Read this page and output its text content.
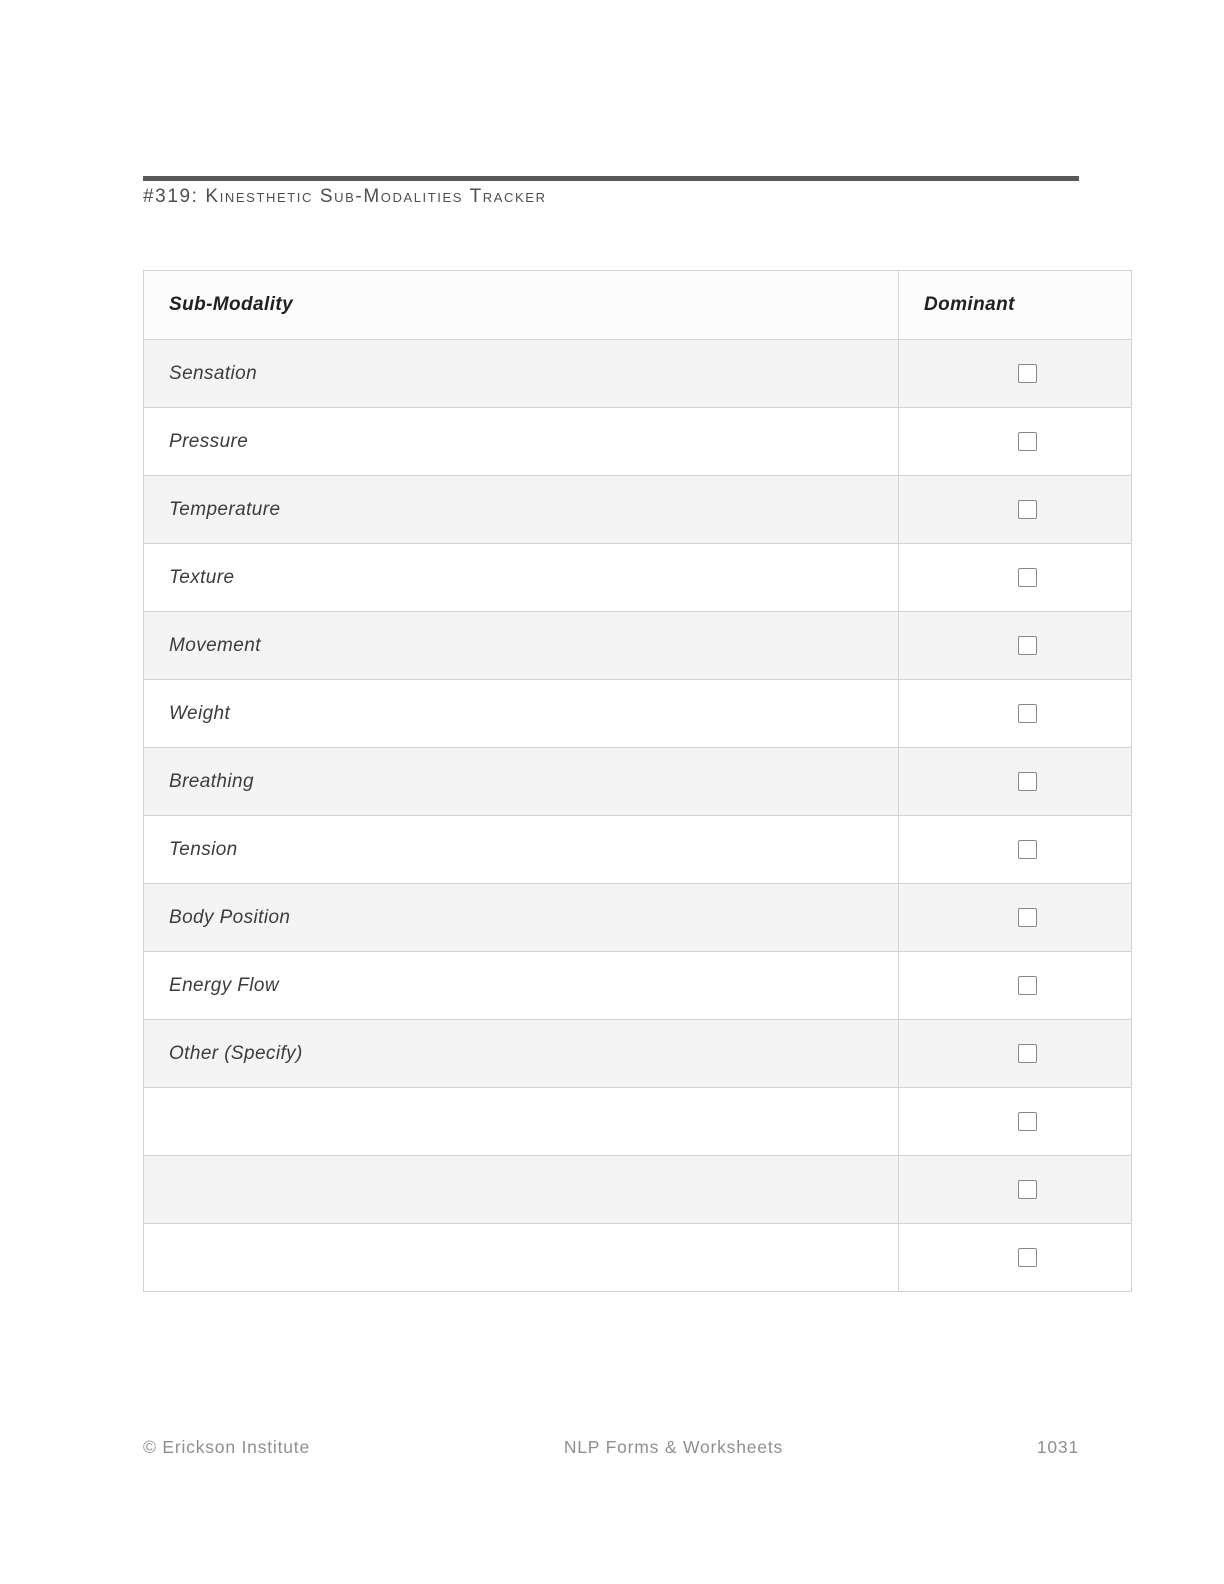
#319: Kinesthetic Sub-Modalities Tracker
Sub-Modality	Dominant
Sensation	
Pressure	
Temperature	
Texture	
Movement	
Weight	
Breathing	
Tension	
Body Position	
Energy Flow	
Other (Specify)	

© Erickson Institute	NLP Forms & Worksheets	1031
